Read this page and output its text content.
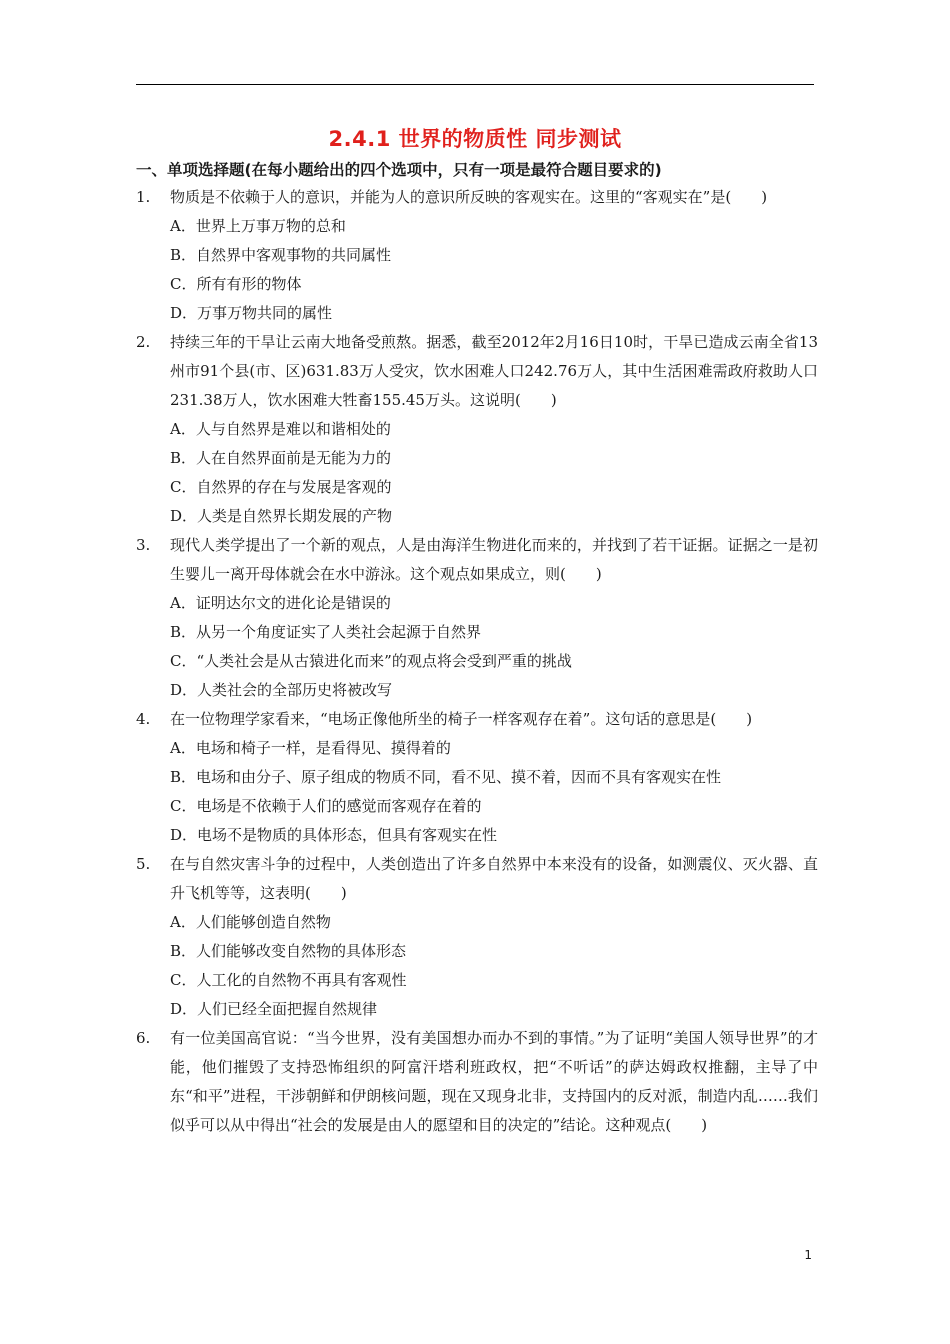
2.4.1 世界的物质性 同步测试
一、单项选择题(在每小题给出的四个选项中，只有一项是最符合题目要求的)
1. 物质是不依赖于人的意识，并能为人的意识所反映的客观实在。这里的“客观实在”是(　　)
A．世界上万事万物的总和
B．自然界中客观事物的共同属性
C．所有有形的物体
D．万事万物共同的属性
2. 持续三年的干旱让云南大地备受煎熬。据悉，截至2012年2月16日10时，干旱已造成云南全省13州市91个县(市、区)631.83万人受灾，饮水困难人口242.76万人，其中生活困难需政府救助人口231.38万人，饮水困难大牲畜155.45万头。这说明(　　)
A．人与自然界是难以和谐相处的
B．人在自然界面前是无能为力的
C．自然界的存在与发展是客观的
D．人类是自然界长期发展的产物
3. 现代人类学提出了一个新的观点，人是由海洋生物进化而来的，并找到了若干证据。证据之一是初生婴儿一离开母体就会在水中游泳。这个观点如果成立，则(　　)
A．证明达尔文的进化论是错误的
B．从另一个角度证实了人类社会起源于自然界
C．“人类社会是从古猿进化而来”的观点将会受到严重的挑战
D．人类社会的全部历史将被改写
4. 在一位物理学家看来，“电场正像他所坐的椅子一样客观存在着”。这句话的意思是(　　)
A．电场和椅子一样，是看得见、摸得着的
B．电场和由分子、原子组成的物质不同，看不见、摸不着，因而不具有客观实在性
C．电场是不依赖于人们的感觉而客观存在着的
D．电场不是物质的具体形态，但具有客观实在性
5. 在与自然灾害斗争的过程中，人类创造出了许多自然界中本来没有的设备，如测震仪、灭火器、直升飞机等等，这表明(　　)
A．人们能够创造自然物
B．人们能够改变自然物的具体形态
C．人工化的自然物不再具有客观性
D．人们已经全面把握自然规律
6. 有一位美国高官说：“当今世界，没有美国想办而办不到的事情。”为了证明“美国人领导世界”的才能，他们摧毁了支持恐怖组织的阿富汗塔利班政权，把“不听话”的萨达姆政权推翻，主导了中东“和平”进程，干涉朝鲜和伊朗核问题，现在又现身北非，支持国内的反对派，制造内乱……我们似乎可以从中得出“社会的发展是由人的愿望和目的决定的”结论。这种观点(　　)
1
